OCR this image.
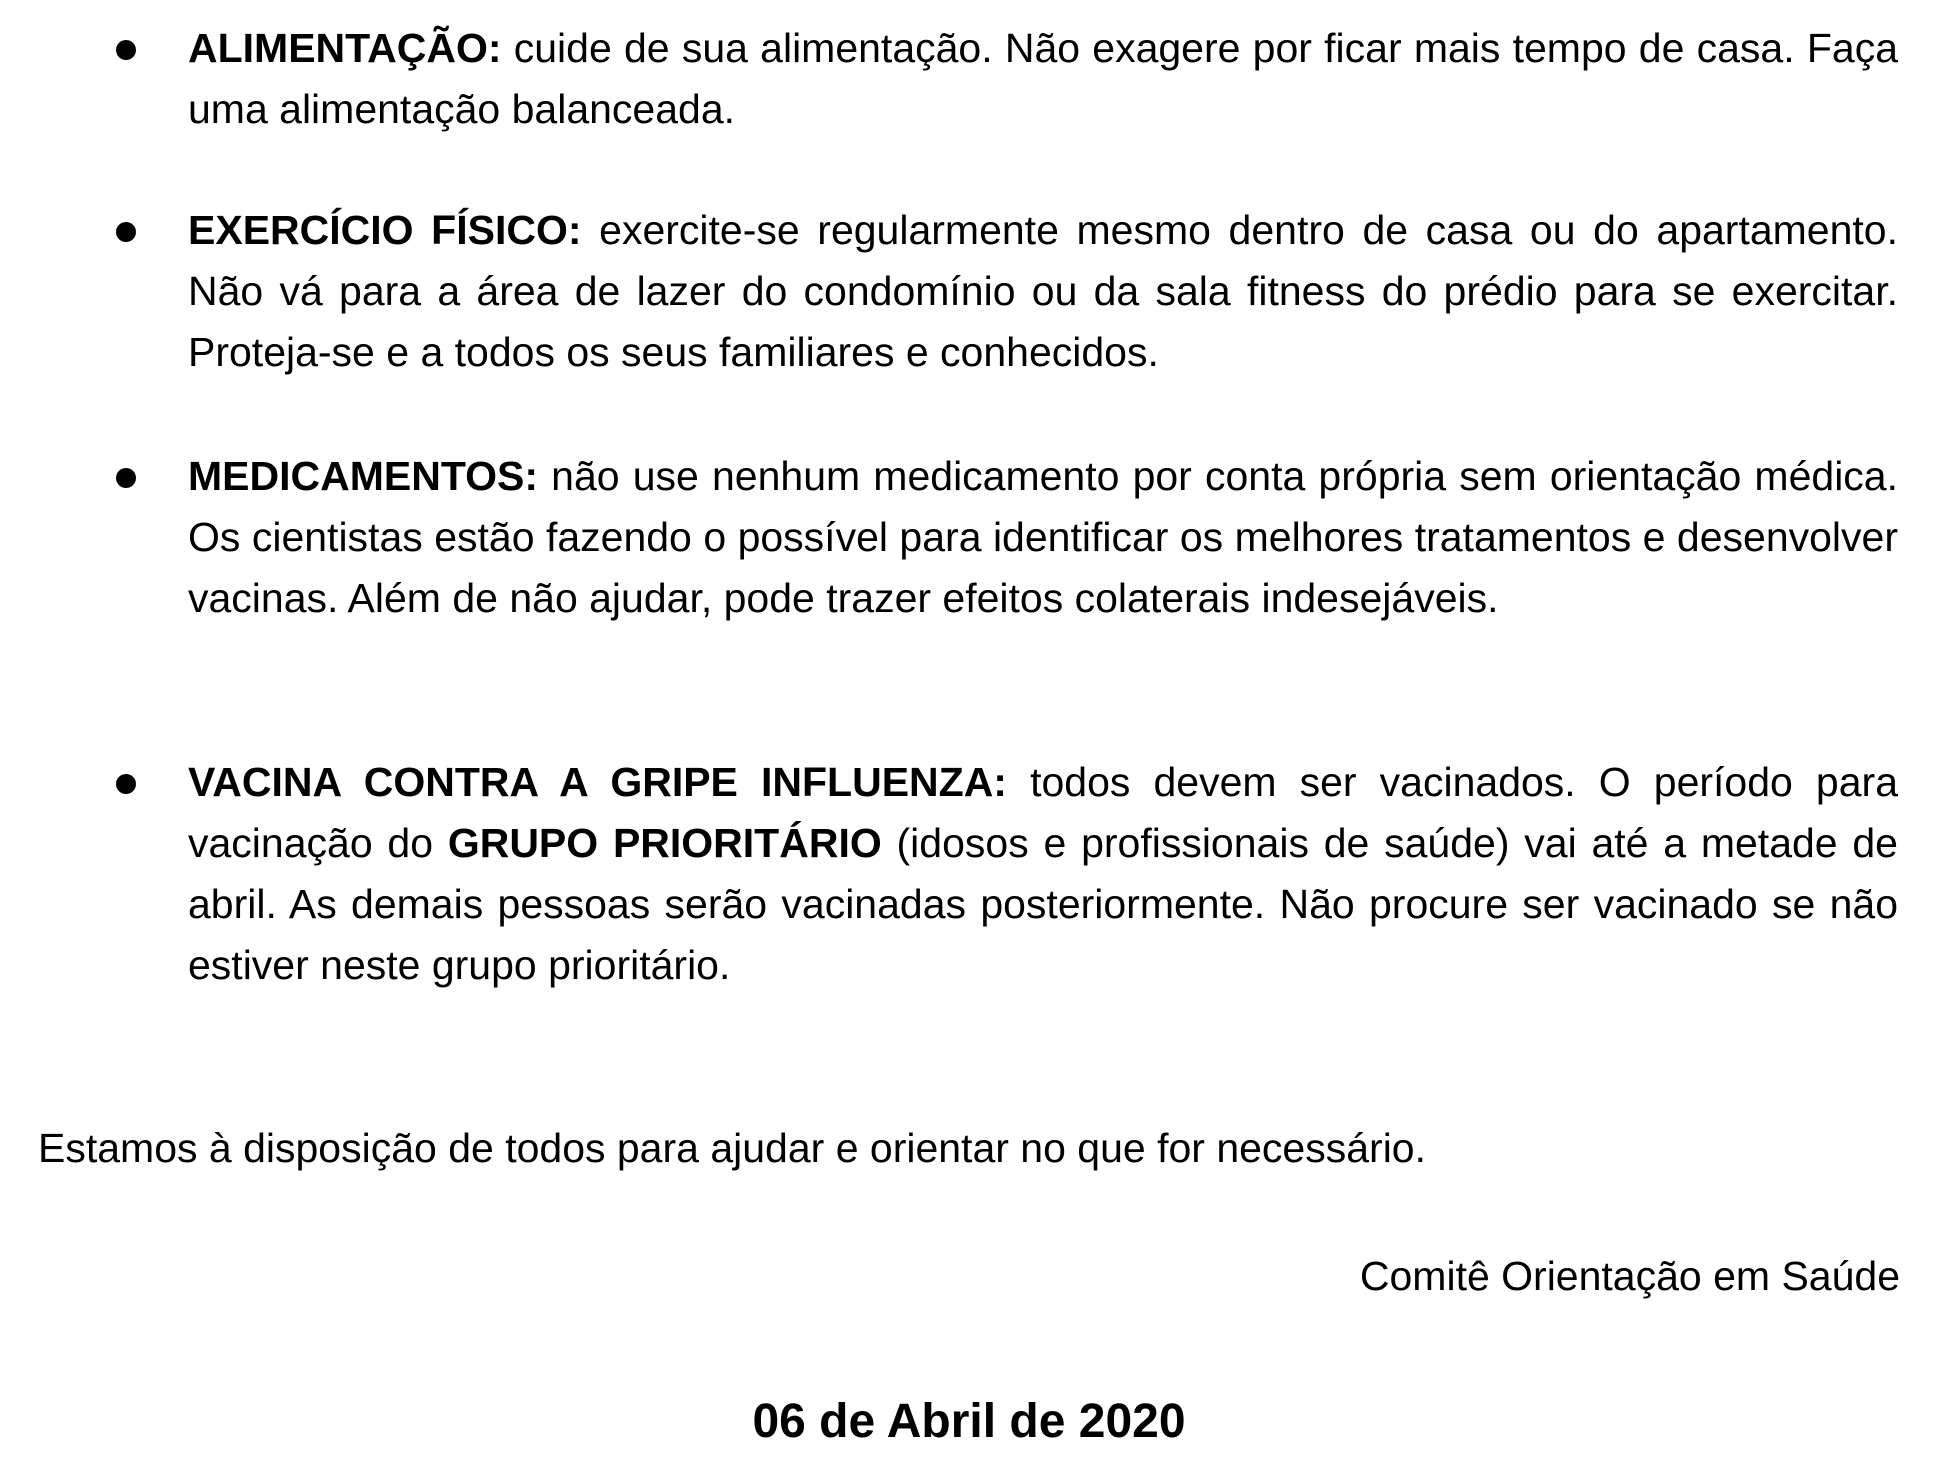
ALIMENTAÇÃO: cuide de sua alimentação. Não exagere por ficar mais tempo de casa. Faça uma alimentação balanceada.
EXERCÍCIO FÍSICO: exercite-se regularmente mesmo dentro de casa ou do apartamento. Não vá para a área de lazer do condomínio ou da sala fitness do prédio para se exercitar. Proteja-se e a todos os seus familiares e conhecidos.
MEDICAMENTOS: não use nenhum medicamento por conta própria sem orientação médica. Os cientistas estão fazendo o possível para identificar os melhores tratamentos e desenvolver vacinas. Além de não ajudar, pode trazer efeitos colaterais indesejáveis.
VACINA CONTRA A GRIPE INFLUENZA: todos devem ser vacinados. O período para vacinação do GRUPO PRIORITÁRIO (idosos e profissionais de saúde) vai até a metade de abril. As demais pessoas serão vacinadas posteriormente. Não procure ser vacinado se não estiver neste grupo prioritário.
Estamos à disposição de todos para ajudar e orientar no que for necessário.
Comitê Orientação em Saúde
06 de Abril de 2020
